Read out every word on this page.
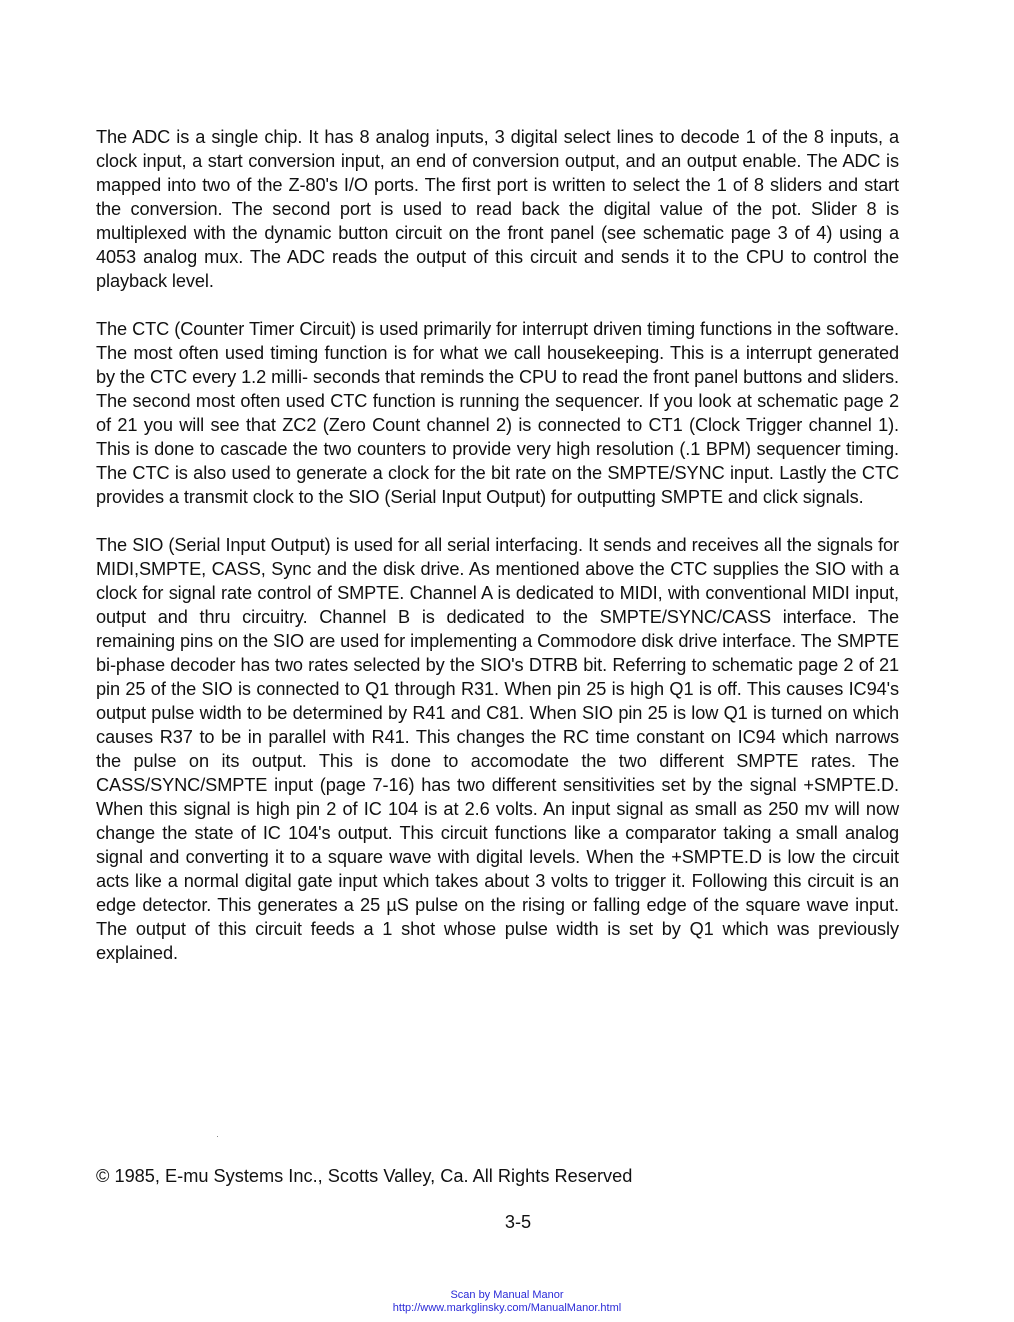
The ADC is a single chip. It has 8 analog inputs, 3 digital select lines to decode 1 of the 8 inputs, a clock input, a start conversion input, an end of conversion output, and an output enable. The ADC is mapped into two of the Z-80's I/O ports. The first port is written to select the 1 of 8 sliders and start the conversion. The second port is used to read back the digital value of the pot. Slider 8 is multiplexed with the dynamic button circuit on the front panel (see schematic page 3 of 4) using a 4053 analog mux. The ADC reads the output of this circuit and sends it to the CPU to control the playback level.

The CTC (Counter Timer Circuit) is used primarily for interrupt driven timing functions in the software. The most often used timing function is for what we call housekeeping. This is a interrupt generated by the CTC every 1.2 milli- seconds that reminds the CPU to read the front panel buttons and sliders. The second most often used CTC function is running the sequencer. If you look at schematic page 2 of 21 you will see that ZC2 (Zero Count channel 2) is connected to CT1 (Clock Trigger channel 1). This is done to cascade the two counters to provide very high resolution (.1 BPM) sequencer timing. The CTC is also used to generate a clock for the bit rate on the SMPTE/SYNC input. Lastly the CTC provides a transmit clock to the SIO (Serial Input Output) for outputting SMPTE and click signals.

The SIO (Serial Input Output) is used for all serial interfacing. It sends and receives all the signals for MIDI,SMPTE, CASS, Sync and the disk drive. As mentioned above the CTC supplies the SIO with a clock for signal rate control of SMPTE. Channel A is dedicated to MIDI, with conventional MIDI input, output and thru circuitry. Channel B is dedicated to the SMPTE/SYNC/CASS interface. The remaining pins on the SIO are used for implementing a Commodore disk drive interface. The SMPTE bi-phase decoder has two rates selected by the SIO's DTRB bit. Referring to schematic page 2 of 21 pin 25 of the SIO is connected to Q1 through R31. When pin 25 is high Q1 is off. This causes IC94's output pulse width to be determined by R41 and C81. When SIO pin 25 is low Q1 is turned on which causes R37 to be in parallel with R41. This changes the RC time constant on IC94 which narrows the pulse on its output. This is done to accomodate the two different SMPTE rates. The CASS/SYNC/SMPTE input (page 7-16) has two different sensitivities set by the signal +SMPTE.D. When this signal is high pin 2 of IC 104 is at 2.6 volts. An input signal as small as 250 mv will now change the state of IC 104's output. This circuit functions like a comparator taking a small analog signal and converting it to a square wave with digital levels. When the +SMPTE.D is low the circuit acts like a normal digital gate input which takes about 3 volts to trigger it. Following this circuit is an edge detector. This generates a 25 µS pulse on the rising or falling edge of the square wave input. The output of this circuit feeds a 1 shot whose pulse width is set by Q1 which was previously explained.

© 1985, E-mu Systems Inc., Scotts Valley, Ca. All Rights Reserved
3-5
Scan by Manual Manor
http://www.markglinsky.com/ManualManor.html
